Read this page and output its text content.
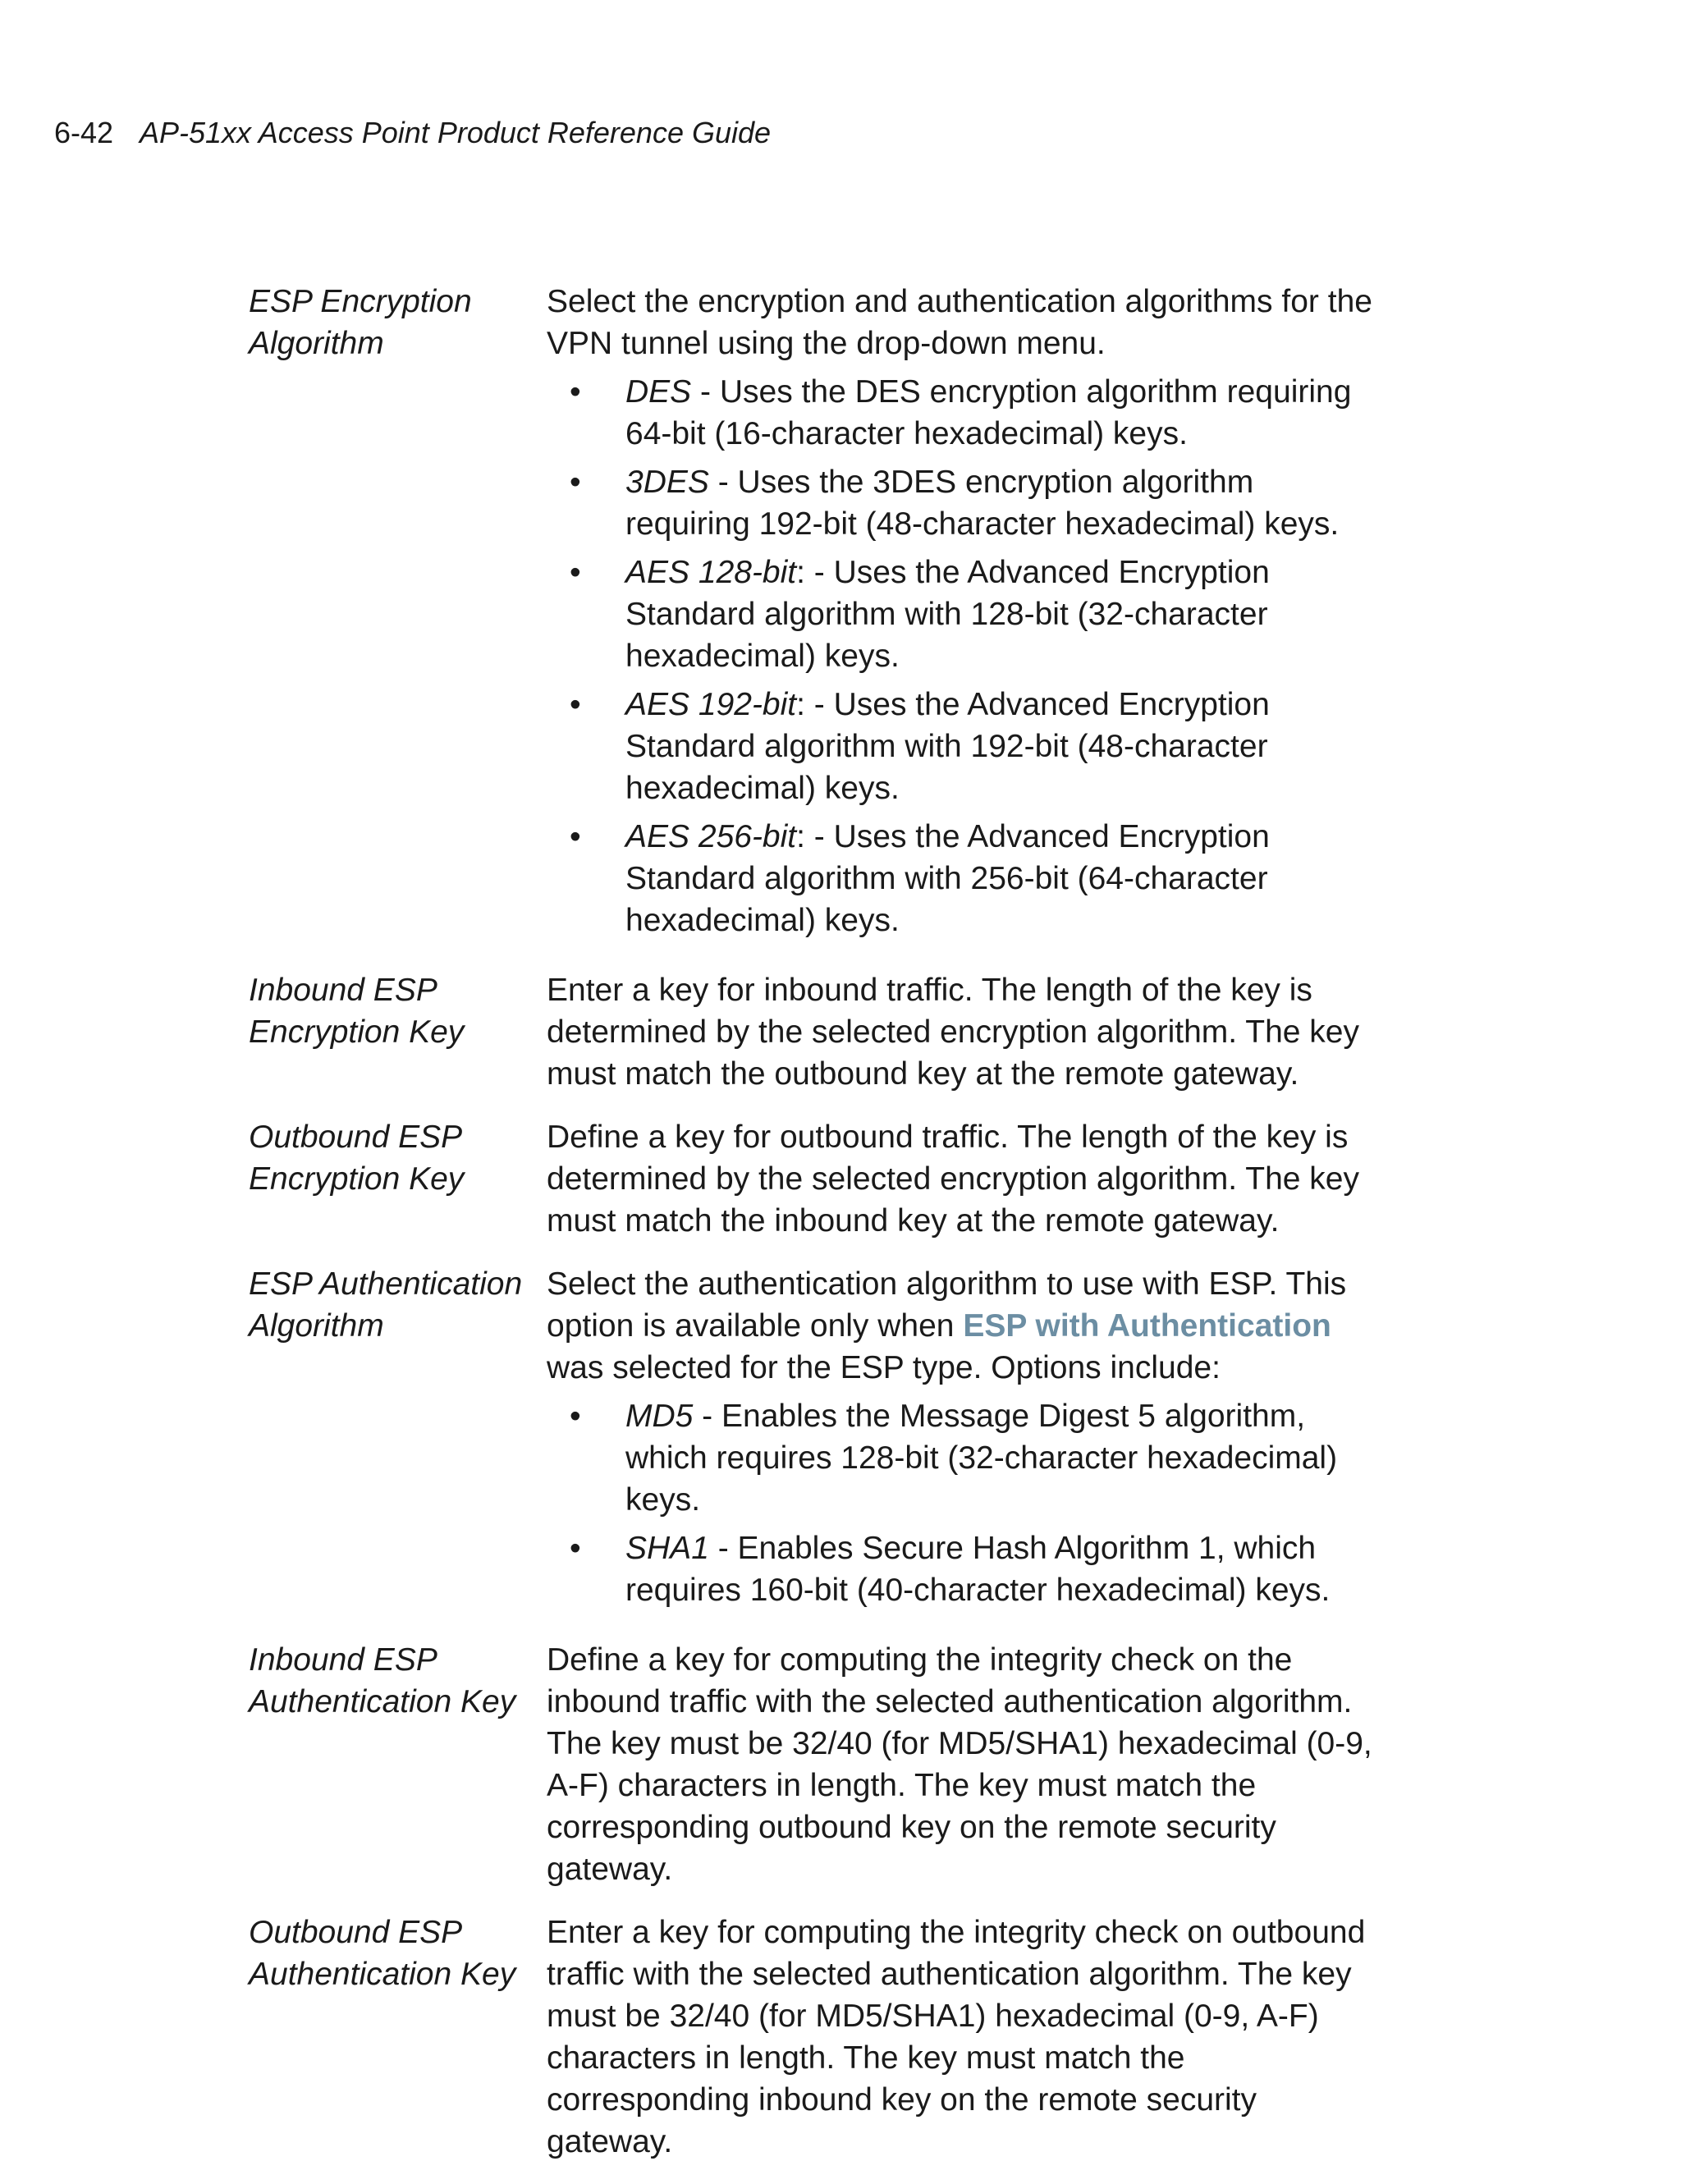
6-42 AP-51xx Access Point Product Reference Guide
ESP Encryption
Algorithm

Select the encryption and authentication algorithms for the VPN tunnel using the drop-down menu.

• DES - Uses the DES encryption algorithm requiring 64-bit (16-character hexadecimal) keys.
• 3DES - Uses the 3DES encryption algorithm requiring 192-bit (48-character hexadecimal) keys.
• AES 128-bit: - Uses the Advanced Encryption Standard algorithm with 128-bit (32-character hexadecimal) keys.
• AES 192-bit: - Uses the Advanced Encryption Standard algorithm with 192-bit (48-character hexadecimal) keys.
• AES 256-bit: - Uses the Advanced Encryption Standard algorithm with 256-bit (64-character hexadecimal) keys.
Inbound ESP
Encryption Key

Enter a key for inbound traffic. The length of the key is determined by the selected encryption algorithm. The key must match the outbound key at the remote gateway.

Outbound ESP
Encryption Key

Define a key for outbound traffic. The length of the key is determined by the selected encryption algorithm. The key must match the inbound key at the remote gateway.

ESP Authentication
Algorithm

Select the authentication algorithm to use with ESP. This option is available only when ESP with Authentication was selected for the ESP type. Options include:

• MD5 - Enables the Message Digest 5 algorithm, which requires 128-bit (32-character hexadecimal) keys.
• SHA1 - Enables Secure Hash Algorithm 1, which requires 160-bit (40-character hexadecimal) keys.
Inbound ESP
Authentication Key

Define a key for computing the integrity check on the inbound traffic with the selected authentication algorithm. The key must be 32/40 (for MD5/SHA1) hexadecimal (0-9, A-F) characters in length. The key must match the corresponding outbound key on the remote security gateway.

Outbound ESP
Authentication Key

Enter a key for computing the integrity check on outbound traffic with the selected authentication algorithm. The key must be 32/40 (for MD5/SHA1) hexadecimal (0-9, A-F) characters in length. The key must match the corresponding inbound key on the remote security gateway.
